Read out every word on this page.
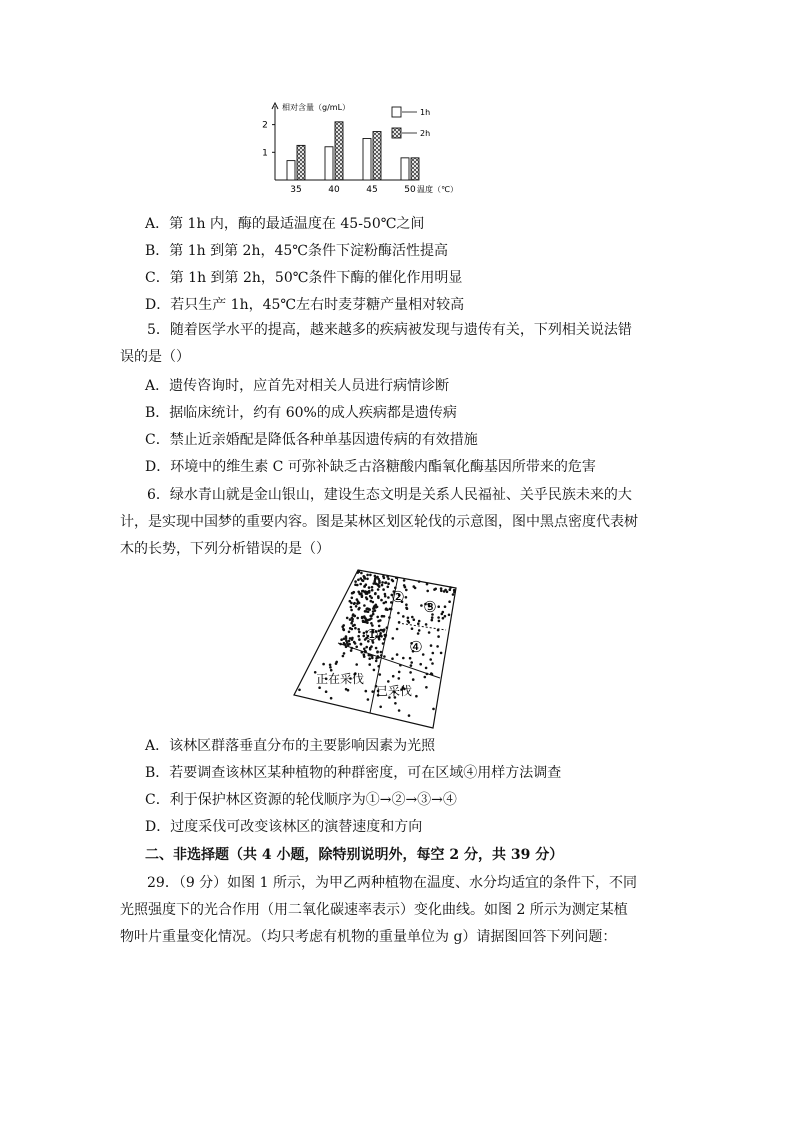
相对含量（g/mL）
1
2
35	40	45	50 温度（℃）
1h
2h
A．第 1h 内，酶的最适温度在 45-50℃之间
B．第 1h 到第 2h，45℃条件下淀粉酶活性提高
C．第 1h 到第 2h，50℃条件下酶的催化作用明显
D．若只生产 1h，45℃左右时麦芽糖产量相对较高
5．随着医学水平的提高，越来越多的疾病被发现与遗传有关，下列相关说法错误的是（）
A．遗传咨询时，应首先对相关人员进行病情诊断
B．据临床统计，约有 60%的成人疾病都是遗传病
C．禁止近亲婚配是降低各种单基因遗传病的有效措施
D．环境中的维生素 C 可弥补缺乏古洛糖酸内酯氧化酶基因所带来的危害
6．绿水青山就是金山银山，建设生态文明是关系人民福祉、关乎民族未来的大计，是实现中国梦的重要内容。图是某林区划区轮伐的示意图，图中黑点密度代表树木的长势，下列分析错误的是（）
②
③
①
④
正在采伐
已采伐
A．该林区群落垂直分布的主要影响因素为光照
B．若要调查该林区某种植物的种群密度，可在区域④用样方法调查
C．利于保护林区资源的轮伐顺序为①→②→③→④
D．过度采伐可改变该林区的演替速度和方向
二、非选择题（共 4 小题，除特别说明外，每空 2 分，共 39 分）
29．（9 分）如图 1 所示，为甲乙两种植物在温度、水分均适宜的条件下，不同光照强度下的光合作用（用二氧化碳速率表示）变化曲线。如图 2 所示为测定某植物叶片重量变化情况。（均只考虑有机物的重量单位为 g）请据图回答下列问题：
